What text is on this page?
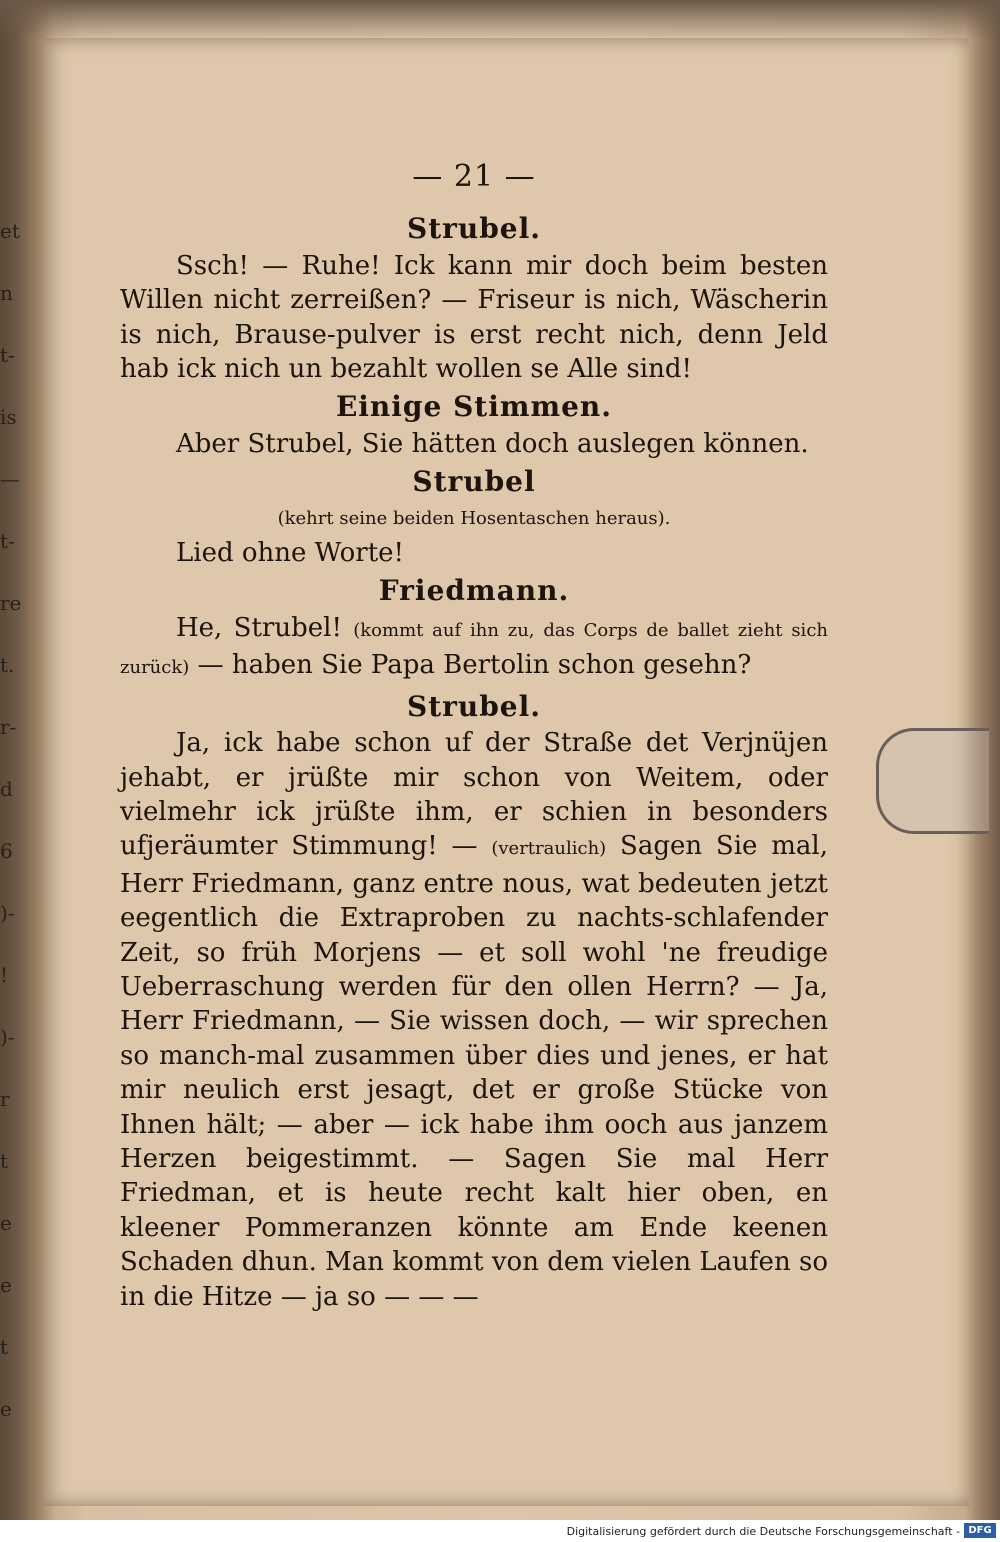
et
n
t-
is
—
t-
re
t.
r-
d
6
)-
!
)-
r
t
e
e
t
e
— 21 —
Strubel.
Ssch! — Ruhe! Ick kann mir doch beim besten Willen nicht zerreißen? — Friseur is nich, Wäscherin is nich, Brause-pulver is erst recht nich, denn Jeld hab ick nich un bezahlt wollen se Alle sind!
Einige Stimmen.
Aber Strubel, Sie hätten doch auslegen können.
Strubel
(kehrt seine beiden Hosentaschen heraus).
Lied ohne Worte!
Friedmann.
He, Strubel! (kommt auf ihn zu, das Corps de ballet zieht sich zurück) — haben Sie Papa Bertolin schon gesehn?
Strubel.
Ja, ick habe schon uf der Straße det Verjnüjen jehabt, er jrüßte mir schon von Weitem, oder vielmehr ick jrüßte ihm, er schien in besonders ufjeräumter Stimmung! — (vertraulich) Sagen Sie mal, Herr Friedmann, ganz entre nous, wat bedeuten jetzt eegentlich die Extraproben zu nachts-schlafender Zeit, so früh Morjens — et soll wohl 'ne freudige Ueberraschung werden für den ollen Herrn? — Ja, Herr Friedmann, — Sie wissen doch, — wir sprechen so manch-mal zusammen über dies und jenes, er hat mir neulich erst jesagt, det er große Stücke von Ihnen hält; — aber — ick habe ihm ooch aus janzem Herzen beigestimmt. — Sagen Sie mal Herr Friedman, et is heute recht kalt hier oben, en kleener Pommeranzen könnte am Ende keenen Schaden dhun. Man kommt von dem vielen Laufen so in die Hitze — ja so — — —
Digitalisierung gefördert durch die Deutsche Forschungsgemeinschaft - DFG
